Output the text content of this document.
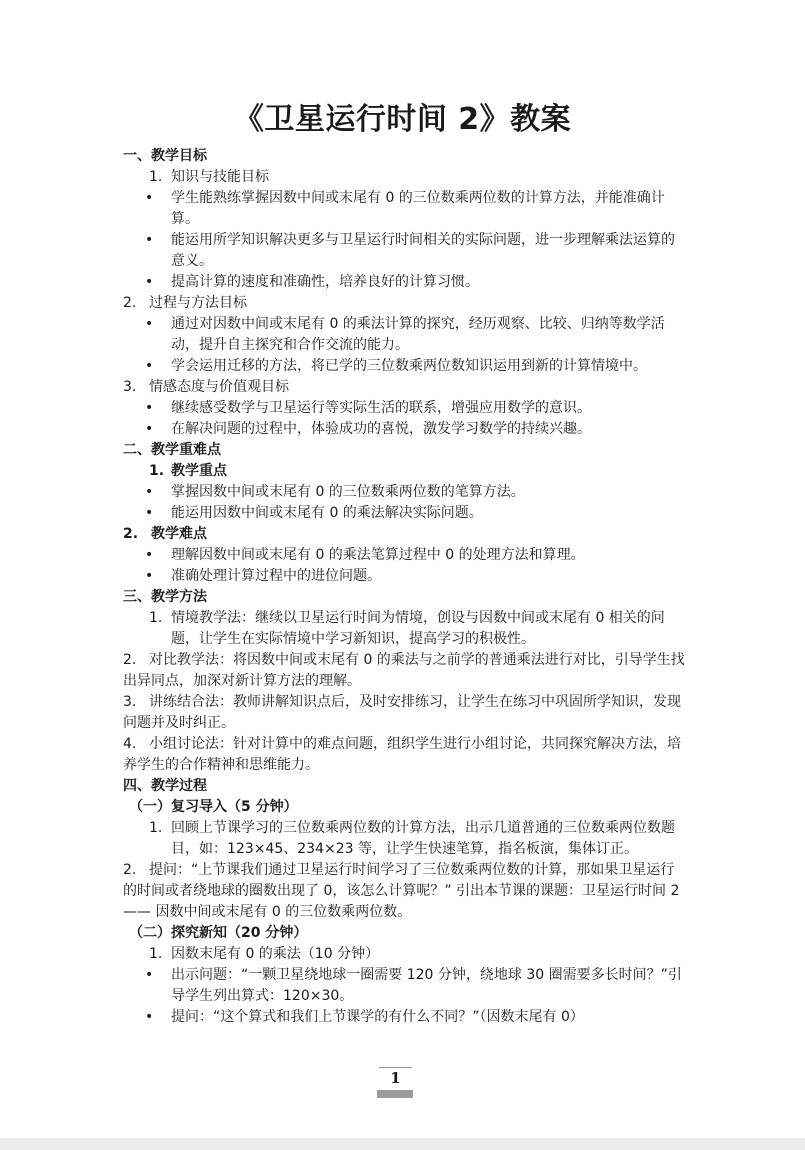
《卫星运行时间 2》教案
一、教学目标
1. 知识与技能目标
•	学生能熟练掌握因数中间或末尾有 0 的三位数乘两位数的计算方法，并能准确计算。
•	能运用所学知识解决更多与卫星运行时间相关的实际问题，进一步理解乘法运算的意义。
•	提高计算的速度和准确性，培养良好的计算习惯。
2. 过程与方法目标
•	通过对因数中间或末尾有 0 的乘法计算的探究，经历观察、比较、归纳等数学活动，提升自主探究和合作交流的能力。
•	学会运用迁移的方法，将已学的三位数乘两位数知识运用到新的计算情境中。
3. 情感态度与价值观目标
•	继续感受数学与卫星运行等实际生活的联系，增强应用数学的意识。
•	在解决问题的过程中，体验成功的喜悦，激发学习数学的持续兴趣。
二、教学重难点
1. 教学重点
•	掌握因数中间或末尾有 0 的三位数乘两位数的笔算方法。
•	能运用因数中间或末尾有 0 的乘法解决实际问题。
2. 教学难点
•	理解因数中间或末尾有 0 的乘法笔算过程中 0 的处理方法和算理。
•	准确处理计算过程中的进位问题。
三、教学方法
1. 情境教学法：继续以卫星运行时间为情境，创设与因数中间或末尾有 0 相关的问题，让学生在实际情境中学习新知识，提高学习的积极性。
2. 对比教学法：将因数中间或末尾有 0 的乘法与之前学的普通乘法进行对比，引导学生找出异同点，加深对新计算方法的理解。
3. 讲练结合法：教师讲解知识点后，及时安排练习，让学生在练习中巩固所学知识，发现问题并及时纠正。
4. 小组讨论法：针对计算中的难点问题，组织学生进行小组讨论，共同探究解决方法，培养学生的合作精神和思维能力。
四、教学过程
（一）复习导入（5 分钟）
1. 回顾上节课学习的三位数乘两位数的计算方法，出示几道普通的三位数乘两位数题目，如：123×45、234×23 等，让学生快速笔算，指名板演，集体订正。
2. 提问：“上节课我们通过卫星运行时间学习了三位数乘两位数的计算，那如果卫星运行的时间或者绕地球的圈数出现了 0，该怎么计算呢？” 引出本节课的课题：卫星运行时间 2—— 因数中间或末尾有 0 的三位数乘两位数。
（二）探究新知（20 分钟）
1. 因数末尾有 0 的乘法（10 分钟）
•	出示问题：“一颗卫星绕地球一圈需要 120 分钟，绕地球 30 圈需要多长时间？”引导学生列出算式：120×30。
•	提问：“这个算式和我们上节课学的有什么不同？”（因数末尾有 0）
1
